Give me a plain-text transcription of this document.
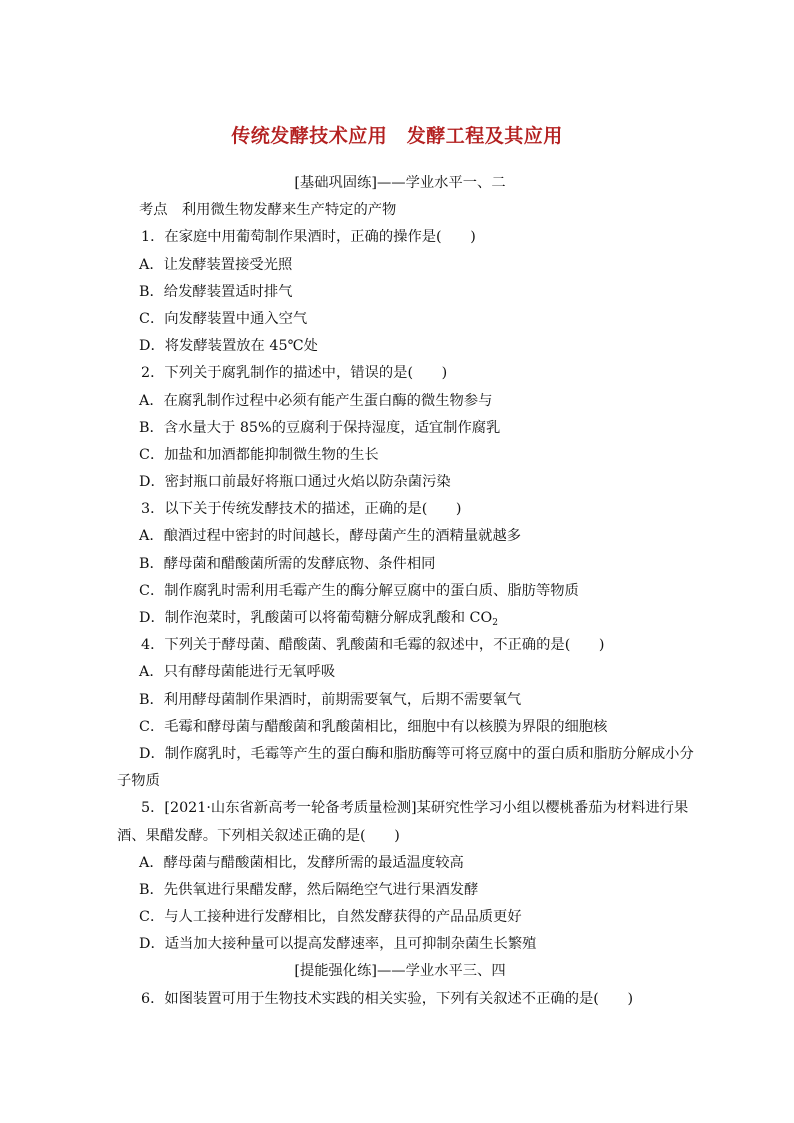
传统发酵技术应用　发酵工程及其应用
[基础巩固练]——学业水平一、二
考点　利用微生物发酵来生产特定的产物
1．在家庭中用葡萄制作果酒时，正确的操作是(　　)
A．让发酵装置接受光照
B．给发酵装置适时排气
C．向发酵装置中通入空气
D．将发酵装置放在 45℃处
2．下列关于腐乳制作的描述中，错误的是(　　)
A．在腐乳制作过程中必须有能产生蛋白酶的微生物参与
B．含水量大于 85%的豆腐利于保持湿度，适宜制作腐乳
C．加盐和加酒都能抑制微生物的生长
D．密封瓶口前最好将瓶口通过火焰以防杂菌污染
3．以下关于传统发酵技术的描述，正确的是(　　)
A．酿酒过程中密封的时间越长，酵母菌产生的酒精量就越多
B．酵母菌和醋酸菌所需的发酵底物、条件相同
C．制作腐乳时需利用毛霉产生的酶分解豆腐中的蛋白质、脂肪等物质
D．制作泡菜时，乳酸菌可以将葡萄糖分解成乳酸和 $CO_2$
4．下列关于酵母菌、醋酸菌、乳酸菌和毛霉的叙述中，不正确的是(　　)
A．只有酵母菌能进行无氧呼吸
B．利用酵母菌制作果酒时，前期需要氧气，后期不需要氧气
C．毛霉和酵母菌与醋酸菌和乳酸菌相比，细胞中有以核膜为界限的细胞核
D．制作腐乳时，毛霉等产生的蛋白酶和脂肪酶等可将豆腐中的蛋白质和脂肪分解成小分
子物质
5．[2021·山东省新高考一轮备考质量检测]某研究性学习小组以樱桃番茄为材料进行果
酒、果醋发酵。下列相关叙述正确的是(　　)
A．酵母菌与醋酸菌相比，发酵所需的最适温度较高
B．先供氧进行果醋发酵，然后隔绝空气进行果酒发酵
C．与人工接种进行发酵相比，自然发酵获得的产品品质更好
D．适当加大接种量可以提高发酵速率，且可抑制杂菌生长繁殖
[提能强化练]——学业水平三、四
6．如图装置可用于生物技术实践的相关实验，下列有关叙述不正确的是(　　)
